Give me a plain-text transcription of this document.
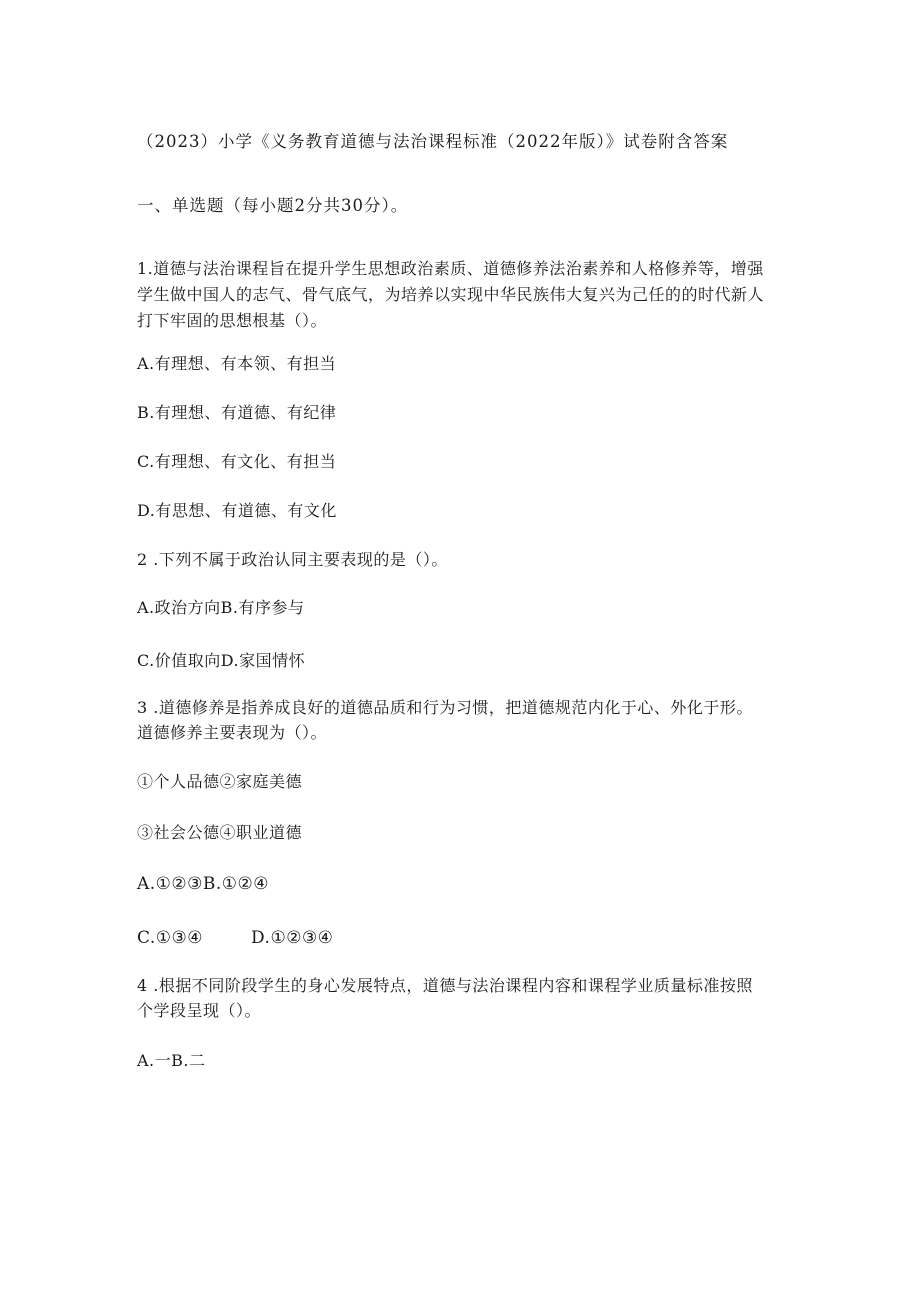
（2023）小学《义务教育道德与法治课程标准（2022年版）》试卷附含答案
一、单选题（每小题2分共30分）。
1.道德与法治课程旨在提升学生思想政治素质、道德修养法治素养和人格修养等，增强
学生做中国人的志气、骨气底气，为培养以实现中华民族伟大复兴为己任的的时代新人
打下牢固的思想根基（）。
A.有理想、有本领、有担当
B.有理想、有道德、有纪律
C.有理想、有文化、有担当
D.有思想、有道德、有文化
2 .下列不属于政治认同主要表现的是（）。
A.政治方向B.有序参与
C.价值取向D.家国情怀
3 .道德修养是指养成良好的道德品质和行为习惯，把道德规范内化于心、外化于形。
道德修养主要表现为（）。
①个人品德②家庭美德
③社会公德④职业道德
A.①②③B.①②④
C.①③④	D.①②③④
4 .根据不同阶段学生的身心发展特点，道德与法治课程内容和课程学业质量标准按照
个学段呈现（）。
A.一B.二
